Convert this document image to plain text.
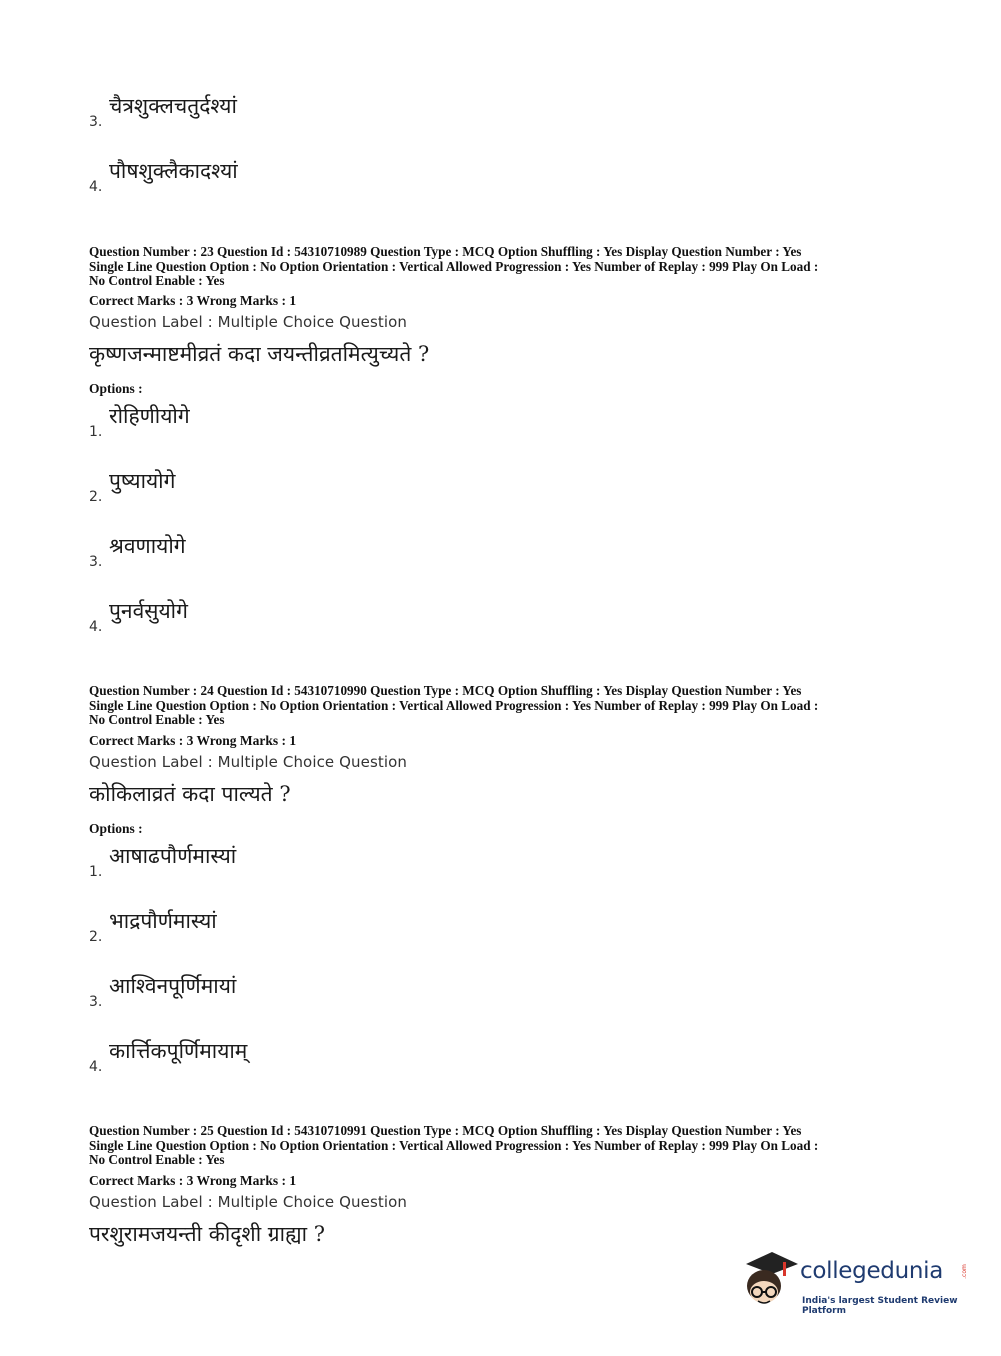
3.
चैत्रशुक्लचतुर्दश्यां
4.
पौषशुक्लैकादश्यां
Question Number : 23 Question Id : 54310710989 Question Type : MCQ Option Shuffling : Yes Display Question Number : Yes
Single Line Question Option : No Option Orientation : Vertical Allowed Progression : Yes Number of Replay : 999 Play On Load :
No Control Enable : Yes
Correct Marks : 3 Wrong Marks : 1
Question Label : Multiple Choice Question
कृष्णजन्माष्टमीव्रतं कदा जयन्तीव्रतमित्युच्यते ?
Options :
1.
रोहिणीयोगे
2.
पुष्यायोगे
3.
श्रवणायोगे
4.
पुनर्वसुयोगे
Question Number : 24 Question Id : 54310710990 Question Type : MCQ Option Shuffling : Yes Display Question Number : Yes
Single Line Question Option : No Option Orientation : Vertical Allowed Progression : Yes Number of Replay : 999 Play On Load :
No Control Enable : Yes
Correct Marks : 3 Wrong Marks : 1
Question Label : Multiple Choice Question
कोकिलाव्रतं कदा पाल्यते ?
Options :
1.
आषाढपौर्णमास्यां
2.
भाद्रपौर्णमास्यां
3.
आश्विनपूर्णिमायां
4.
कार्त्तिकपूर्णिमायाम्
Question Number : 25 Question Id : 54310710991 Question Type : MCQ Option Shuffling : Yes Display Question Number : Yes
Single Line Question Option : No Option Orientation : Vertical Allowed Progression : Yes Number of Replay : 999 Play On Load :
No Control Enable : Yes
Correct Marks : 3 Wrong Marks : 1
Question Label : Multiple Choice Question
परशुरामजयन्ती कीदृशी ग्राह्या ?
collegedunia	.com
India's largest Student Review Platform
